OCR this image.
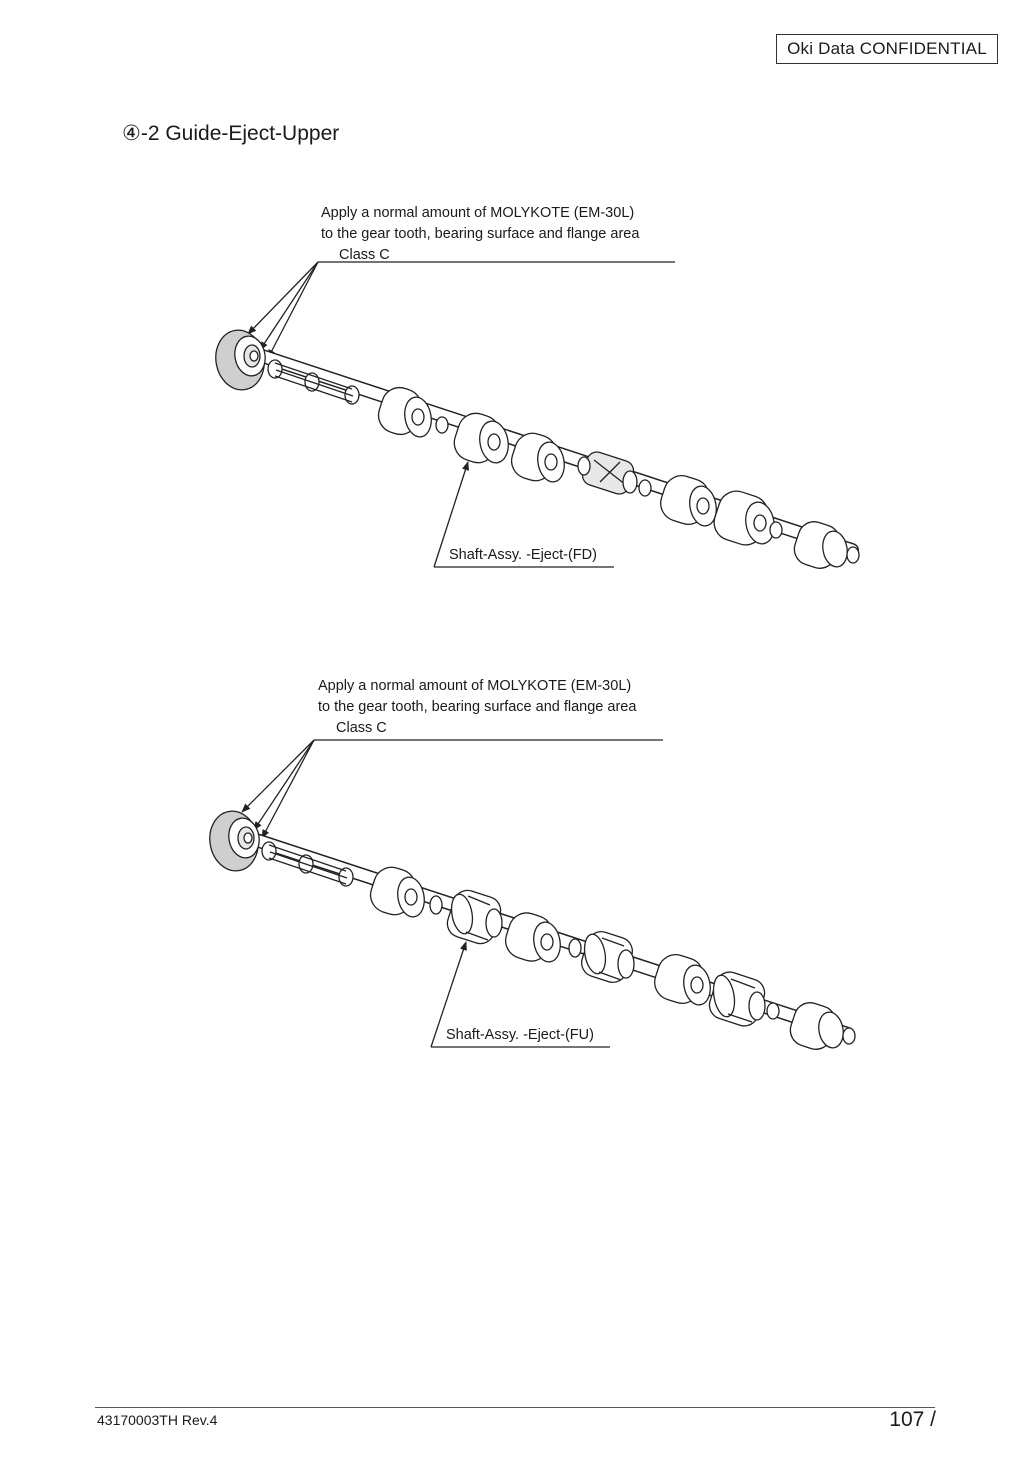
Oki Data CONFIDENTIAL
④-2 Guide-Eject-Upper
Apply a normal amount of MOLYKOTE (EM-30L)
to the gear tooth, bearing surface and flange area
Class C
Shaft-Assy. -Eject-(FD)
Apply a normal amount of MOLYKOTE (EM-30L)
to the gear tooth, bearing surface and flange area
Class C
Shaft-Assy. -Eject-(FU)
43170003TH Rev.4	107 /
